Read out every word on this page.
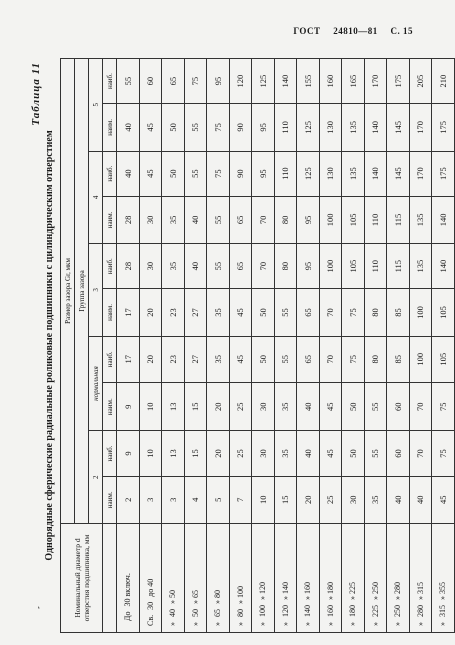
ГОСТ 24810—81 С. 15
Таблица 11
Однорядные сферические радиальные роликовые подшипники с цилиндрическим отверстием
Номинальный диаметр d отверстия подшипника, мм	Размер зазора Gr, мкм									
	Группа зазора									
	2		нормальная		3		4		5	
	наим.	наиб.	наим.	наиб.	наим.	наиб.	наим.	наиб.	наим.	наиб.
До30 включ.	2	9	9	17	17	28	28	40	40	55
Св.30до 40	3	10	10	20	20	30	30	45	45	60
»40» 50	3	13	13	23	23	35	35	50	50	65
»50» 65	4	15	15	27	27	40	40	55	55	75
»65» 80	5	20	20	35	35	55	55	75	75	95
»80» 100	7	25	25	45	45	65	65	90	90	120
»100» 120	10	30	30	50	50	70	70	95	95	125
»120» 140	15	35	35	55	55	80	80	110	110	140
»140» 160	20	40	40	65	65	95	95	125	125	155
»160» 180	25	45	45	70	70	100	100	130	130	160
»180» 225	30	50	50	75	75	105	105	135	135	165
»225» 250	35	55	55	80	80	110	110	140	140	170
»250» 280	40	60	60	85	85	115	115	145	145	175
»280» 315	40	70	70	100	100	135	135	170	170	205
»315» 355	45	75	75	105	105	140	140	175	175	210
‘
